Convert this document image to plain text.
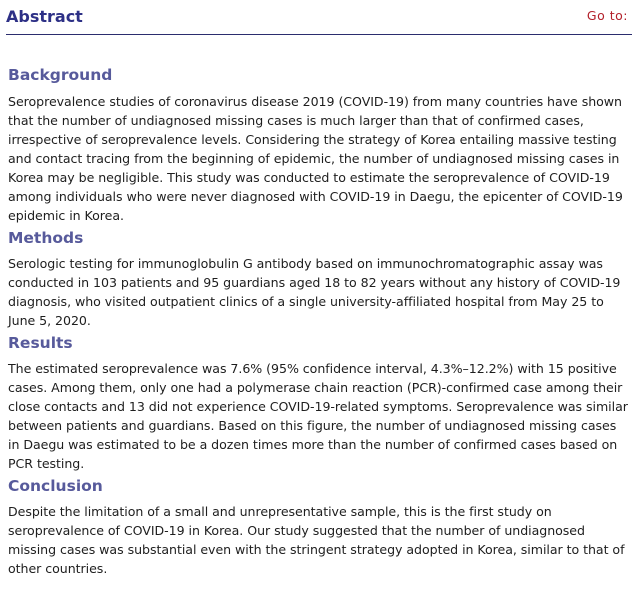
Abstract	Go to:
Background

Seroprevalence studies of coronavirus disease 2019 (COVID-19) from many countries have shown that the number of undiagnosed missing cases is much larger than that of confirmed cases, irrespective of seroprevalence levels. Considering the strategy of Korea entailing massive testing and contact tracing from the beginning of epidemic, the number of undiagnosed missing cases in Korea may be negligible. This study was conducted to estimate the seroprevalence of COVID-19 among individuals who were never diagnosed with COVID-19 in Daegu, the epicenter of COVID-19 epidemic in Korea.

Methods

Serologic testing for immunoglobulin G antibody based on immunochromatographic assay was conducted in 103 patients and 95 guardians aged 18 to 82 years without any history of COVID-19 diagnosis, who visited outpatient clinics of a single university-affiliated hospital from May 25 to June 5, 2020.

Results

The estimated seroprevalence was 7.6% (95% confidence interval, 4.3%–12.2%) with 15 positive cases. Among them, only one had a polymerase chain reaction (PCR)-confirmed case among their close contacts and 13 did not experience COVID-19-related symptoms. Seroprevalence was similar between patients and guardians. Based on this figure, the number of undiagnosed missing cases in Daegu was estimated to be a dozen times more than the number of confirmed cases based on PCR testing.

Conclusion

Despite the limitation of a small and unrepresentative sample, this is the first study on seroprevalence of COVID-19 in Korea. Our study suggested that the number of undiagnosed missing cases was substantial even with the stringent strategy adopted in Korea, similar to that of other countries.
